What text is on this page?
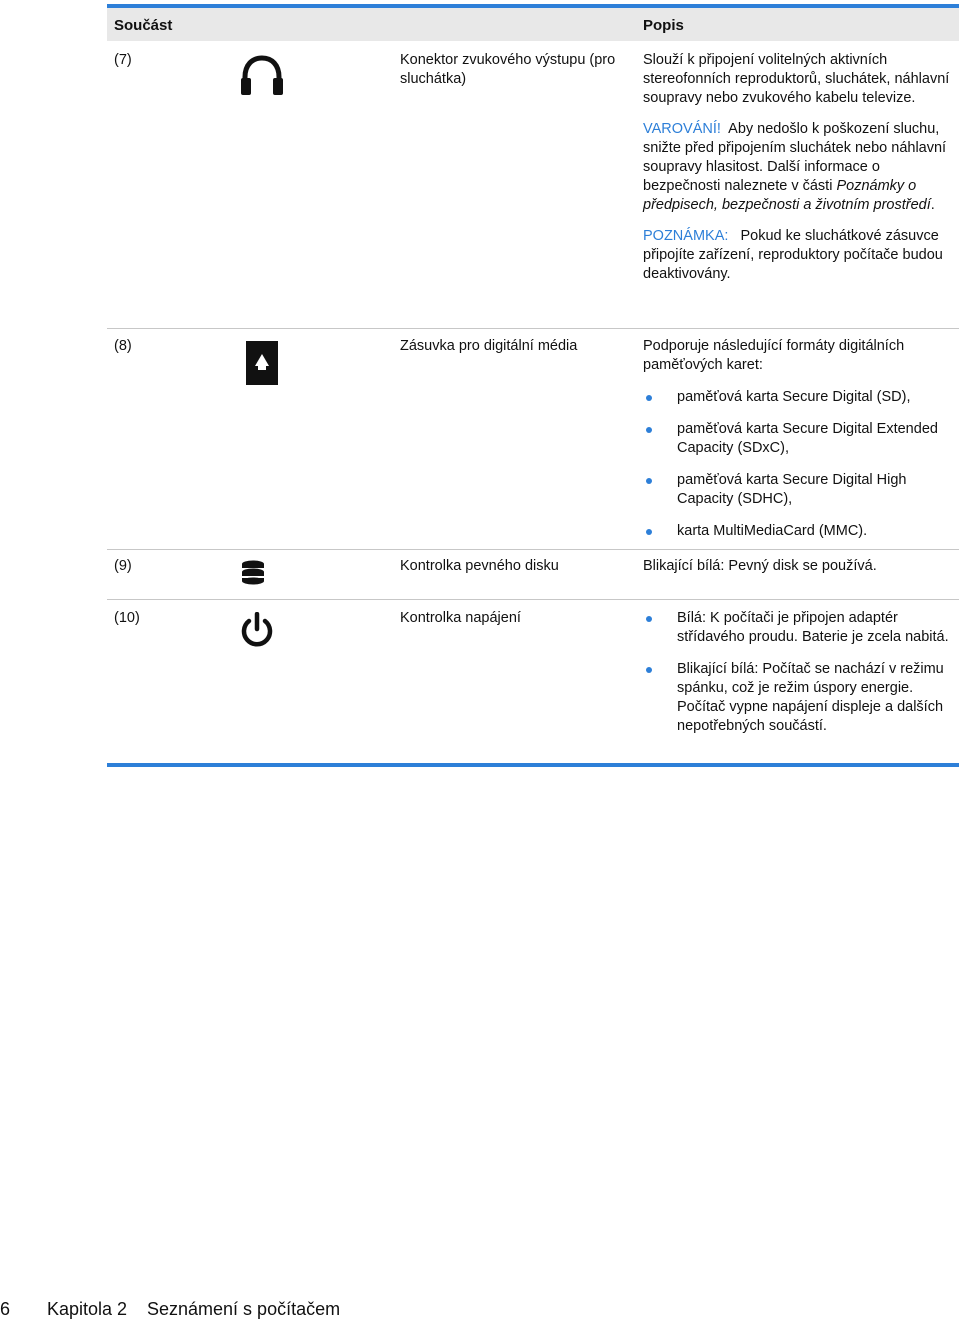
Součást	Popis
(7)	Konektor zvukového výstupu (pro sluchátka)
Slouží k připojení volitelných aktivních stereofonních reproduktorů, sluchátek, náhlavní soupravy nebo zvukového kabelu televize.
VAROVÁNÍ! Aby nedošlo k poškození sluchu, snižte před připojením sluchátek nebo náhlavní soupravy hlasitost. Další informace o bezpečnosti naleznete v části Poznámky o předpisech, bezpečnosti a životním prostředí.
POZNÁMKA: Pokud ke sluchátkové zásuvce připojíte zařízení, reproduktory počítače budou deaktivovány.
(8)	Zásuvka pro digitální média	Podporuje následující formáty digitálních paměťových karet:
paměťová karta Secure Digital (SD),
paměťová karta Secure Digital Extended Capacity (SDxC),
paměťová karta Secure Digital High Capacity (SDHC),
karta MultiMediaCard (MMC).
(9)	Kontrolka pevného disku	Blikající bílá: Pevný disk se používá.
(10)	Kontrolka napájení	Bílá: K počítači je připojen adaptér střídavého proudu. Baterie je zcela nabitá.
Blikající bílá: Počítač se nachází v režimu spánku, což je režim úspory energie. Počítač vypne napájení displeje a dalších nepotřebných součástí.
6 Kapitola 2 Seznámení s počítačem
